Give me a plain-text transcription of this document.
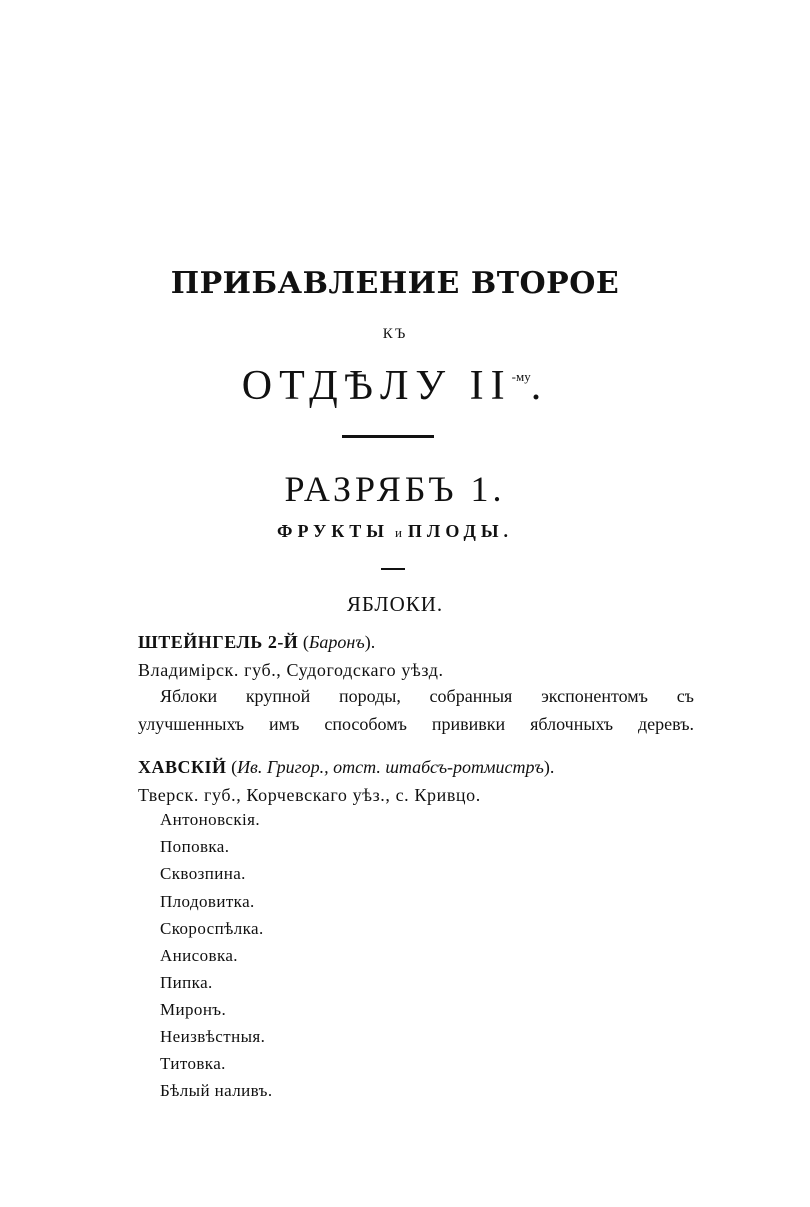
ПРИБАВЛЕНИЕ ВТОРОЕ
КЪ
ОТДѢЛУ $II^{-му}$.
РАЗРЯБЪ 1.
ФРУКТЫ и ПЛОДЫ.
ЯБЛОКИ.
ШТЕЙНГЕЛЬ 2-Й (Баронъ).
Владимірск. губ., Судогодскаго уѣзд.
Яблоки крупной породы, собранныя экспонентомъ съ
улучшенныхъ имъ способомъ прививки яблочныхъ деревъ.
ХАВСКІЙ (Ив. Григор., отст. штабсъ-ротмистръ).
Тверск. губ., Корчевскаго уѣз., с. Кривцо.
Антоновскія.
Поповка.
Сквозпина.
Плодовитка.
Скороспѣлка.
Анисовка.
Пипка.
Миронъ.
Неизвѣстныя.
Титовка.
Бѣлый наливъ.
